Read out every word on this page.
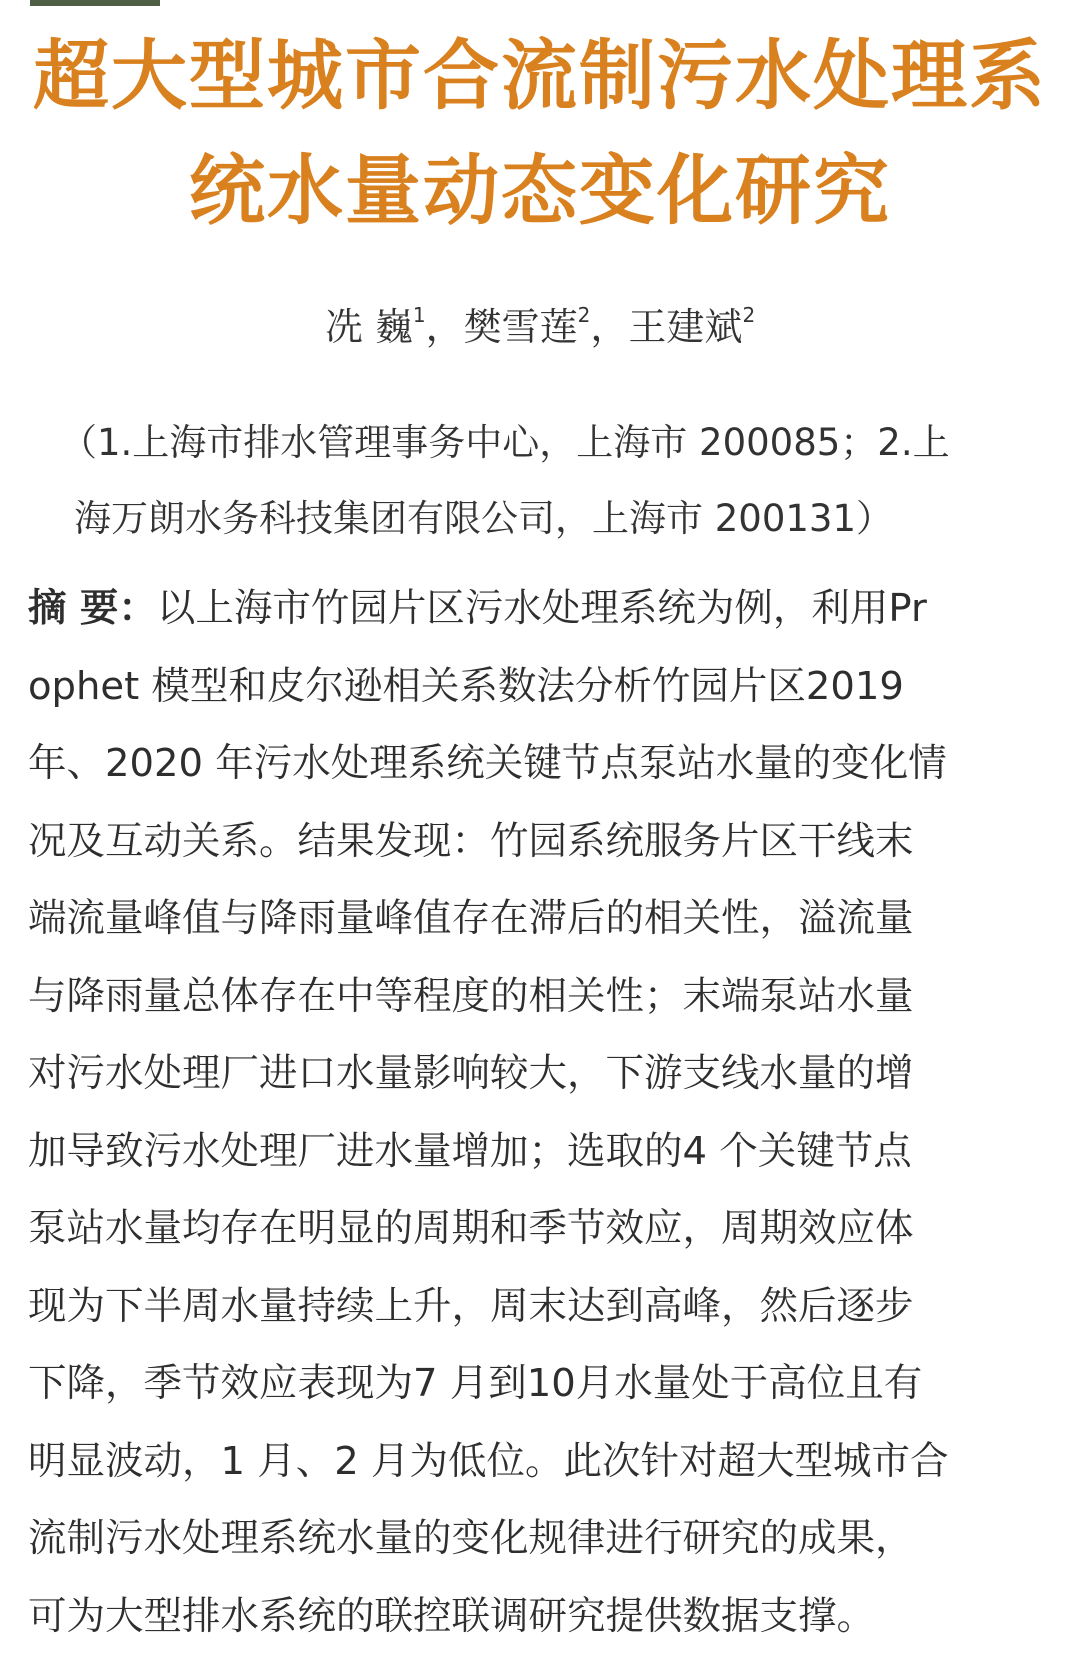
超大型城市合流制污水处理系
统水量动态变化研究
冼 巍$^1$，樊雪莲$^2$，王建斌$^2$
（1.上海市排水管理事务中心，上海市 200085；2.上
海万朗水务科技集团有限公司，上海市 200131）
摘 要：以上海市竹园片区污水处理系统为例，利用Pr
ophet 模型和皮尔逊相关系数法分析竹园片区2019
年、2020 年污水处理系统关键节点泵站水量的变化情
况及互动关系。结果发现：竹园系统服务片区干线末
端流量峰值与降雨量峰值存在滞后的相关性，溢流量
与降雨量总体存在中等程度的相关性；末端泵站水量
对污水处理厂进口水量影响较大，下游支线水量的增
加导致污水处理厂进水量增加；选取的4 个关键节点
泵站水量均存在明显的周期和季节效应，周期效应体
现为下半周水量持续上升，周末达到高峰，然后逐步
下降，季节效应表现为7 月到10月水量处于高位且有
明显波动，1 月、2 月为低位。此次针对超大型城市合
流制污水处理系统水量的变化规律进行研究的成果，
可为大型排水系统的联控联调研究提供数据支撑。
